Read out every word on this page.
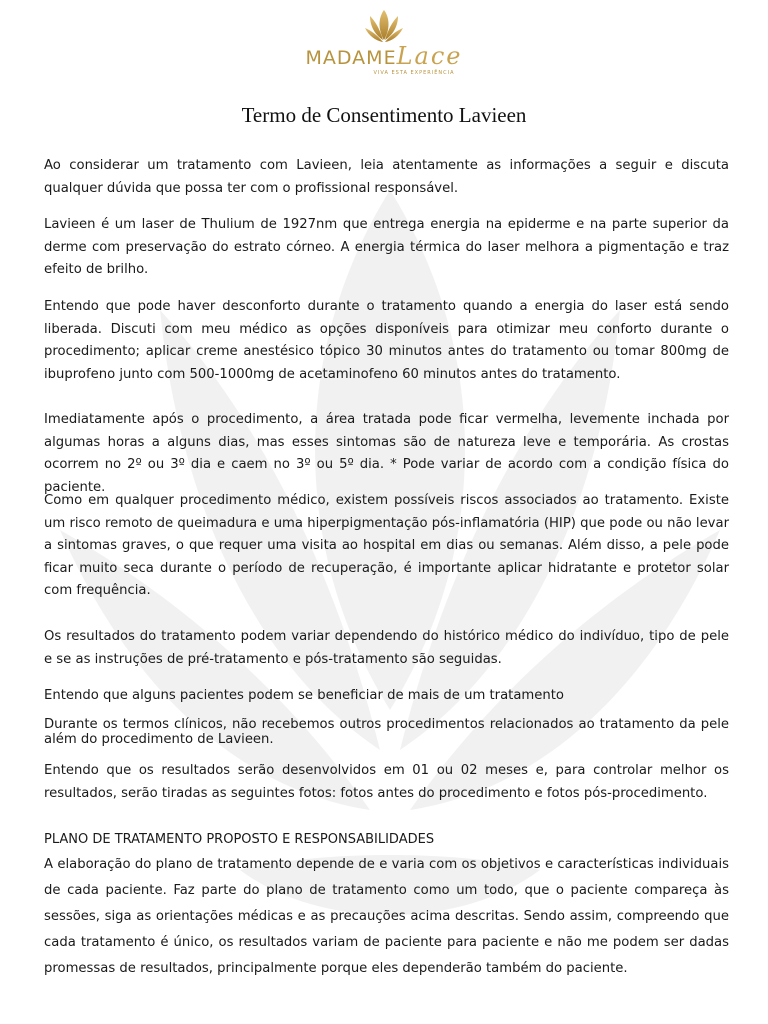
MADAMELace
VIVA ESTA EXPERIÊNCIA
Termo de Consentimento Lavieen

Ao considerar um tratamento com Lavieen, leia atentamente as informações a seguir e discuta qualquer dúvida que possa ter com o profissional responsável.

Lavieen é um laser de Thulium de 1927nm que entrega energia na epiderme e na parte superior da derme com preservação do estrato córneo. A energia térmica do laser melhora a pigmentação e traz efeito de brilho.

Entendo que pode haver desconforto durante o tratamento quando a energia do laser está sendo liberada. Discuti com meu médico as opções disponíveis para otimizar meu conforto durante o procedimento; aplicar creme anestésico tópico 30 minutos antes do tratamento ou tomar 800mg de ibuprofeno junto com 500-1000mg de acetaminofeno 60 minutos antes do tratamento.

Imediatamente após o procedimento, a área tratada pode ficar vermelha, levemente inchada por algumas horas a alguns dias, mas esses sintomas são de natureza leve e temporária. As crostas ocorrem no 2º ou 3º dia e caem no 3º ou 5º dia. * Pode variar de acordo com a condição física do paciente.

Como em qualquer procedimento médico, existem possíveis riscos associados ao tratamento. Existe um risco remoto de queimadura e uma hiperpigmentação pós-inflamatória (HIP) que pode ou não levar a sintomas graves, o que requer uma visita ao hospital em dias ou semanas. Além disso, a pele pode ficar muito seca durante o período de recuperação, é importante aplicar hidratante e protetor solar com frequência.

Os resultados do tratamento podem variar dependendo do histórico médico do indivíduo, tipo de pele e se as instruções de pré-tratamento e pós-tratamento são seguidas.

Entendo que alguns pacientes podem se beneficiar de mais de um tratamento

Durante os termos clínicos, não recebemos outros procedimentos relacionados ao tratamento da pele além do procedimento de Lavieen.

Entendo que os resultados serão desenvolvidos em 01 ou 02 meses e, para controlar melhor os resultados, serão tiradas as seguintes fotos: fotos antes do procedimento e fotos pós-procedimento.

PLANO DE TRATAMENTO PROPOSTO E RESPONSABILIDADES

A elaboração do plano de tratamento depende de e varia com os objetivos e características individuais de cada paciente. Faz parte do plano de tratamento como um todo, que o paciente compareça às sessões, siga as orientações médicas e as precauções acima descritas. Sendo assim, compreendo que cada tratamento é único, os resultados variam de paciente para paciente e não me podem ser dadas promessas de resultados, principalmente porque eles dependerão também do paciente.
